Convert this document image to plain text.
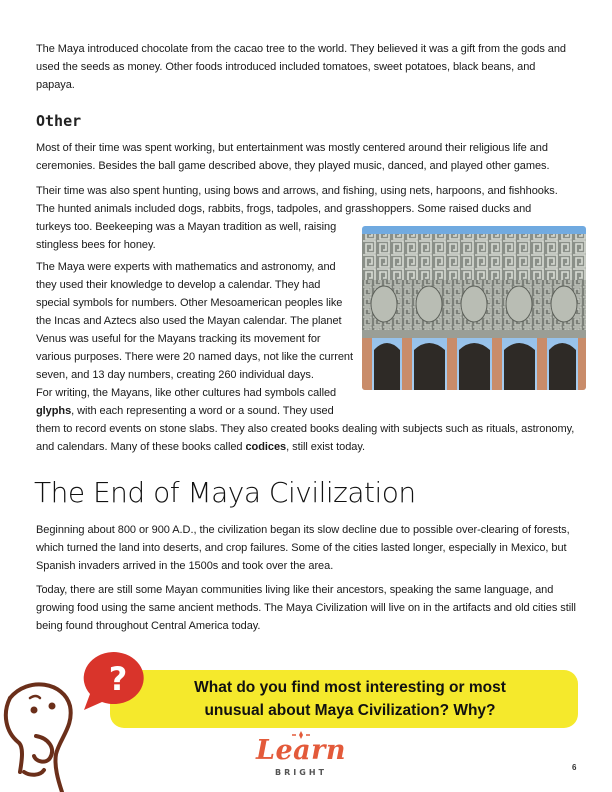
The Maya introduced chocolate from the cacao tree to the world. They believed it was a gift from the gods and used the seeds as money. Other foods introduced included tomatoes, sweet potatoes, black beans, and papaya.

Other

Most of their time was spent working, but entertainment was mostly centered around their religious life and ceremonies. Besides the ball game described above, they played music, danced, and played other games.

Their time was also spent hunting, using bows and arrows, and fishing, using nets, harpoons, and fishhooks. The hunted animals included dogs, rabbits, frogs, tadpoles, and grasshoppers. Some raised ducks and

turkeys too. Beekeeping was a Mayan tradition as well, raising stingless bees for honey.

The Maya were experts with mathematics and astronomy, and they used their knowledge to develop a calendar. They had special symbols for numbers. Other Mesoamerican peoples like the Incas and Aztecs also used the Mayan calendar. The planet Venus was useful for the Mayans tracking its movement for various purposes. There were 20 named days, not like the current seven, and 13 day numbers, creating 260 individual days.

For writing, the Mayans, like other cultures had symbols called glyphs, with each representing a word or a sound. They used

them to record events on stone slabs. They also created books dealing with subjects such as rituals, astronomy, and calendars. Many of these books called codices, still exist today.

The End of Maya Civilization

Beginning about 800 or 900 A.D., the civilization began its slow decline due to possible over-clearing of forests, which turned the land into deserts, and crop failures. Some of the cities lasted longer, especially in Mexico, but Spanish invaders arrived in the 1500s and took over the area.

Today, there are still some Mayan communities living like their ancestors, speaking the same language, and growing food using the same ancient methods. The Maya Civilization will live on in the artifacts and old cities still being found throughout Central America today.

What do you find most interesting or most
unusual about Maya Civilization? Why?

?

Learn

BRIGHT

6
